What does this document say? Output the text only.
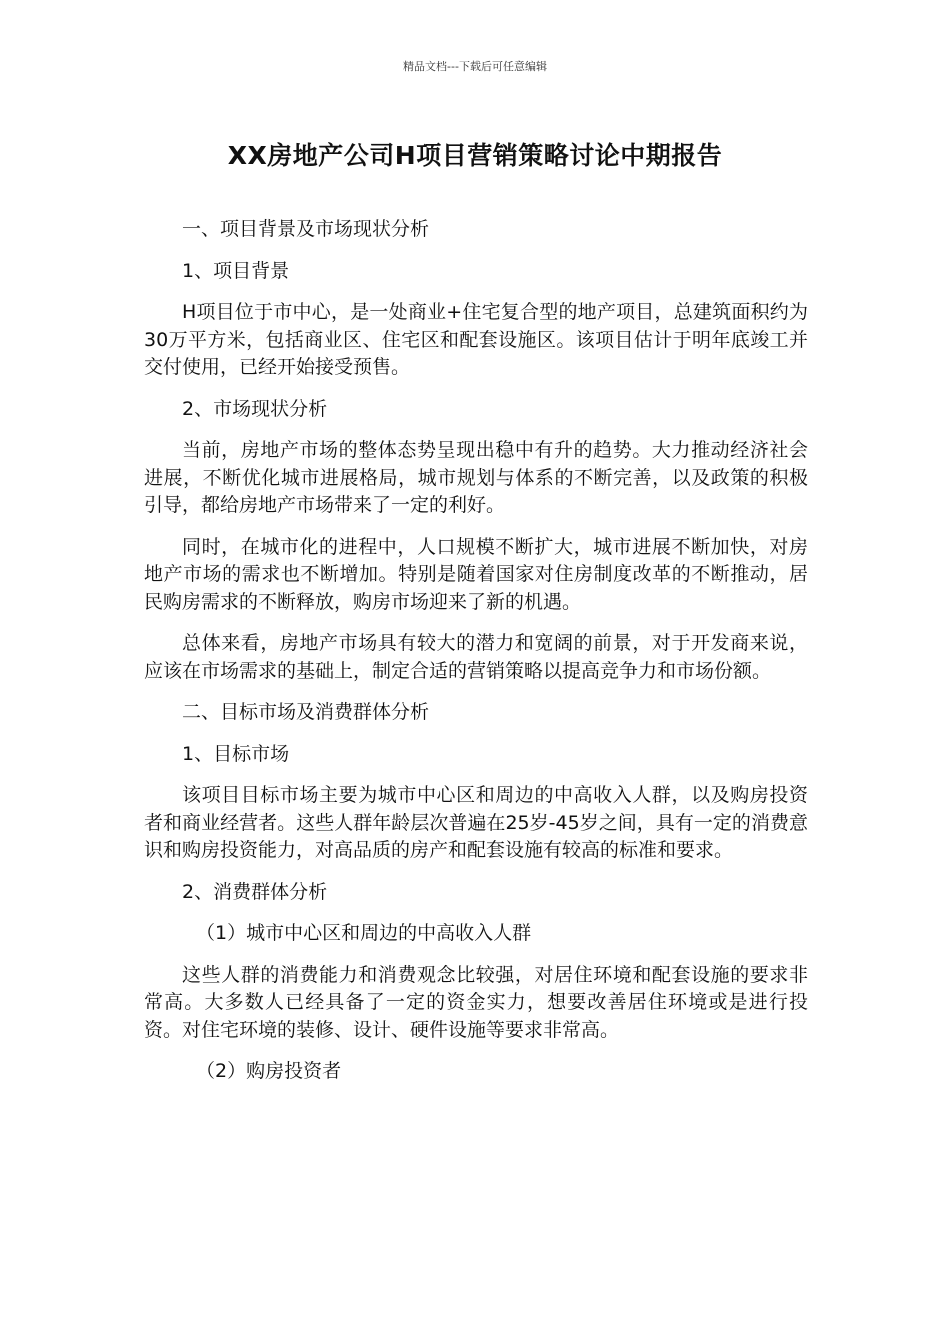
精品文档---下载后可任意编辑
XX房地产公司H项目营销策略讨论中期报告

一、项目背景及市场现状分析

1、项目背景

H项目位于市中心，是一处商业+住宅复合型的地产项目，总建筑面积约为30万平方米，包括商业区、住宅区和配套设施区。该项目估计于明年底竣工并交付使用，已经开始接受预售。

2、市场现状分析

当前，房地产市场的整体态势呈现出稳中有升的趋势。大力推动经济社会进展，不断优化城市进展格局，城市规划与体系的不断完善，以及政策的积极引导，都给房地产市场带来了一定的利好。

同时，在城市化的进程中，人口规模不断扩大，城市进展不断加快，对房地产市场的需求也不断增加。特别是随着国家对住房制度改革的不断推动，居民购房需求的不断释放，购房市场迎来了新的机遇。

总体来看，房地产市场具有较大的潜力和宽阔的前景，对于开发商来说，应该在市场需求的基础上，制定合适的营销策略以提高竞争力和市场份额。

二、目标市场及消费群体分析

1、目标市场

该项目目标市场主要为城市中心区和周边的中高收入人群，以及购房投资者和商业经营者。这些人群年龄层次普遍在25岁-45岁之间，具有一定的消费意识和购房投资能力，对高品质的房产和配套设施有较高的标准和要求。

2、消费群体分析

（1）城市中心区和周边的中高收入人群

这些人群的消费能力和消费观念比较强，对居住环境和配套设施的要求非常高。大多数人已经具备了一定的资金实力，想要改善居住环境或是进行投资。对住宅环境的装修、设计、硬件设施等要求非常高。

（2）购房投资者
